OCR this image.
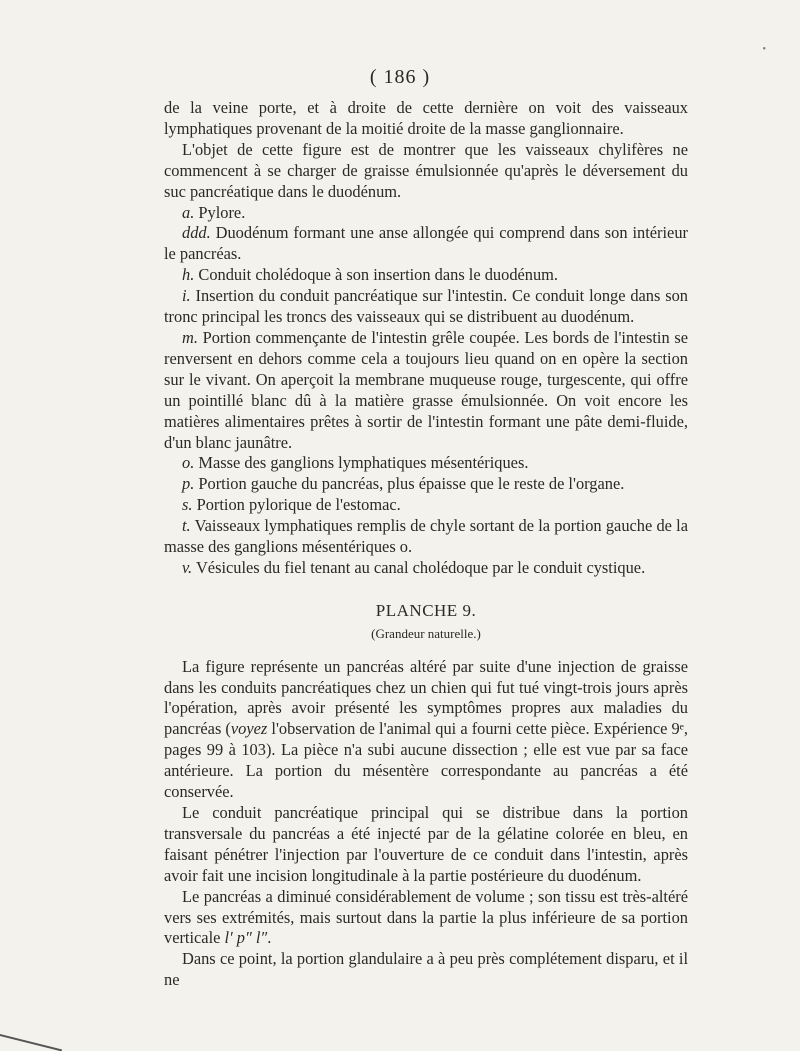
•
( 186 )

de la veine porte, et à droite de cette dernière on voit des vaisseaux lymphatiques provenant de la moitié droite de la masse ganglionnaire.

L'objet de cette figure est de montrer que les vaisseaux chylifères ne commencent à se charger de graisse émulsionnée qu'après le déversement du suc pancréatique dans le duodénum.

a. Pylore.

ddd. Duodénum formant une anse allongée qui comprend dans son intérieur le pancréas.

h. Conduit cholédoque à son insertion dans le duodénum.

i. Insertion du conduit pancréatique sur l'intestin. Ce conduit longe dans son tronc principal les troncs des vaisseaux qui se distribuent au duodénum.

m. Portion commençante de l'intestin grêle coupée. Les bords de l'intestin se renversent en dehors comme cela a toujours lieu quand on en opère la section sur le vivant. On aperçoit la membrane muqueuse rouge, turgescente, qui offre un pointillé blanc dû à la matière grasse émulsionnée. On voit encore les matières alimentaires prêtes à sortir de l'intestin formant une pâte demi-fluide, d'un blanc jaunâtre.

o. Masse des ganglions lymphatiques mésentériques.

p. Portion gauche du pancréas, plus épaisse que le reste de l'organe.

s. Portion pylorique de l'estomac.

t. Vaisseaux lymphatiques remplis de chyle sortant de la portion gauche de la masse des ganglions mésentériques o.

v. Vésicules du fiel tenant au canal cholédoque par le conduit cystique.

PLANCHE 9.

(Grandeur naturelle.)

La figure représente un pancréas altéré par suite d'une injection de graisse dans les conduits pancréatiques chez un chien qui fut tué vingt-trois jours après l'opération, après avoir présenté les symptômes propres aux maladies du pancréas (voyez l'observation de l'animal qui a fourni cette pièce. Expérience 9ᵉ, pages 99 à 103). La pièce n'a subi aucune dissection ; elle est vue par sa face antérieure. La portion du mésentère correspondante au pancréas a été conservée.

Le conduit pancréatique principal qui se distribue dans la portion transversale du pancréas a été injecté par de la gélatine colorée en bleu, en faisant pénétrer l'injection par l'ouverture de ce conduit dans l'intestin, après avoir fait une incision longitudinale à la partie postérieure du duodénum.

Le pancréas a diminué considérablement de volume ; son tissu est très-altéré vers ses extrémités, mais surtout dans la partie la plus inférieure de sa portion verticale l′ p″ l″.

Dans ce point, la portion glandulaire a à peu près complétement disparu, et il ne
